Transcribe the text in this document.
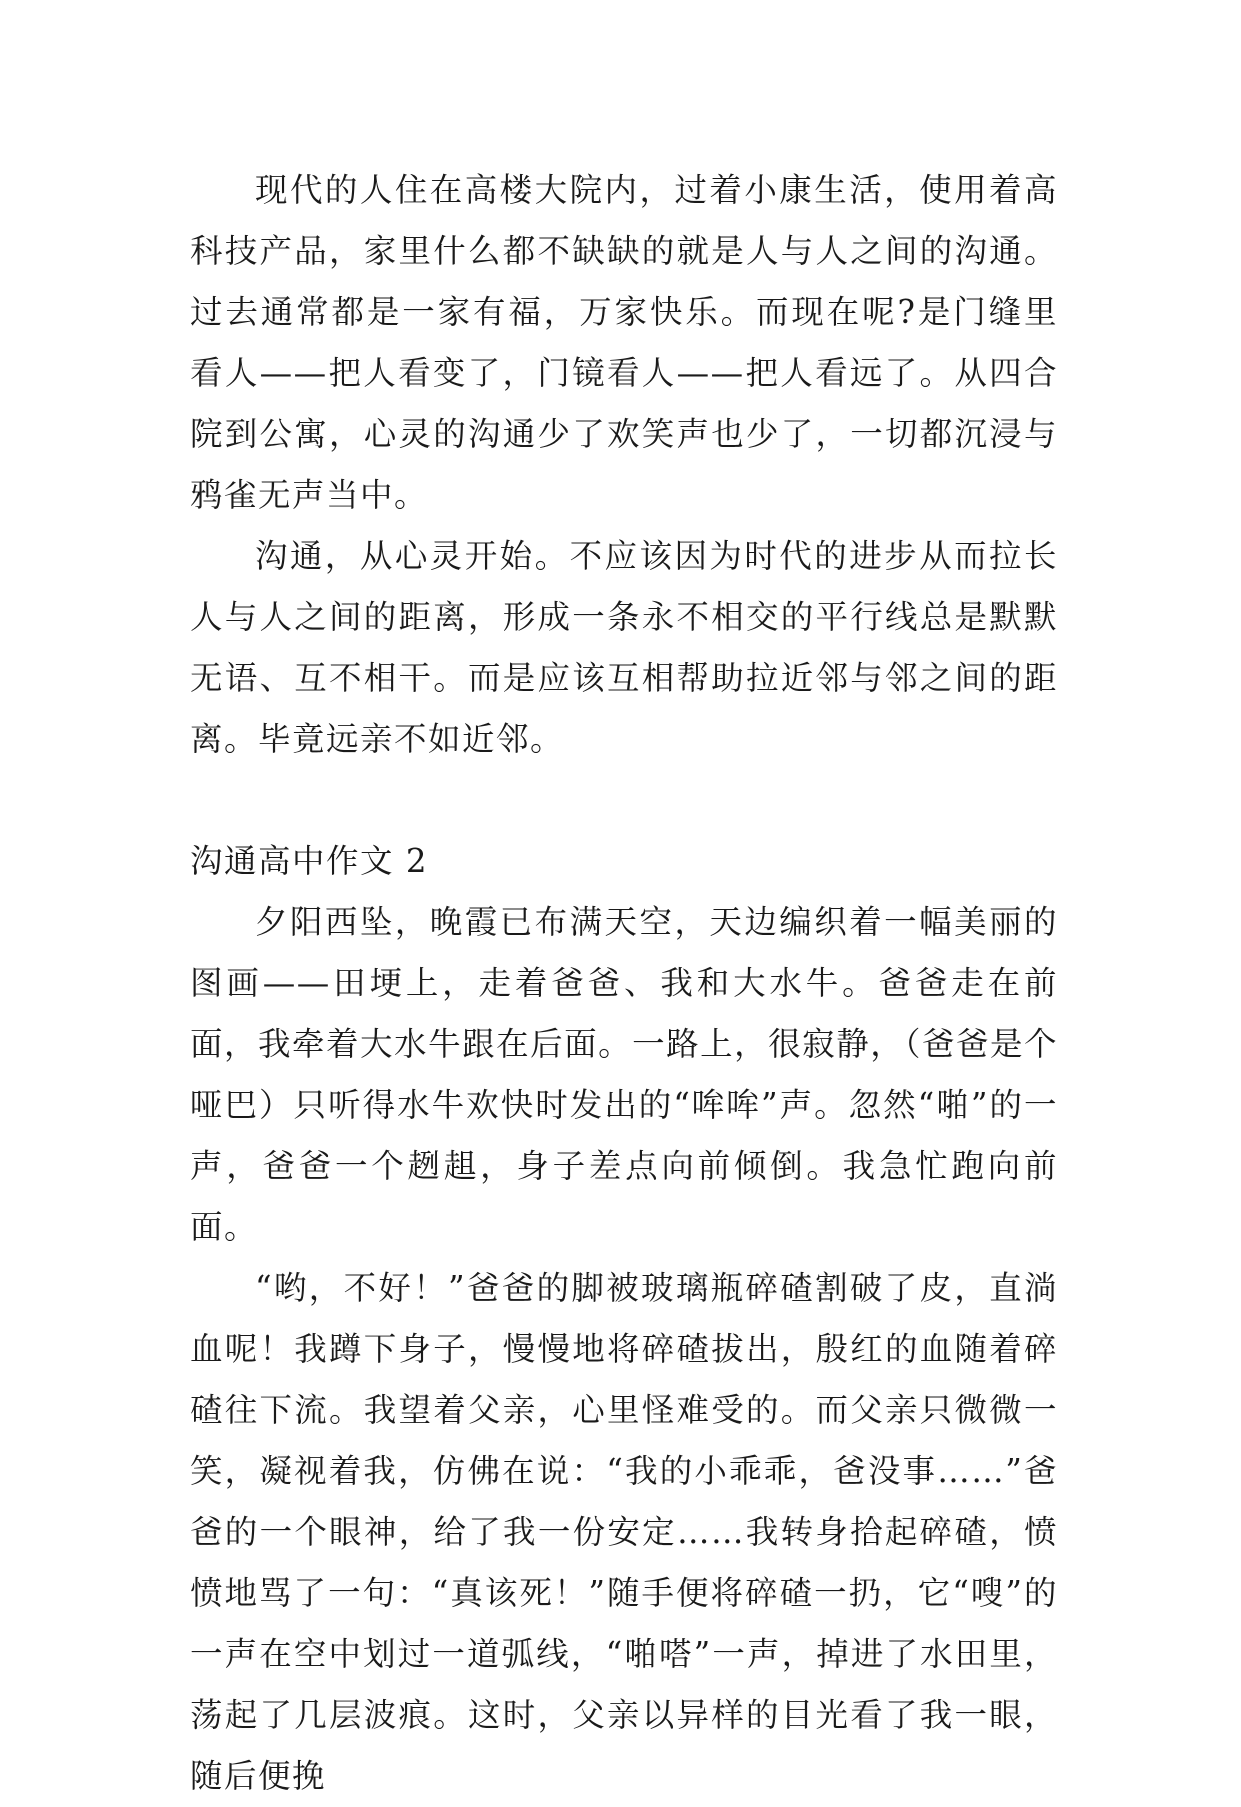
现代的人住在高楼大院内，过着小康生活，使用着高科技产品，家里什么都不缺缺的就是人与人之间的沟通。过去通常都是一家有福，万家快乐。而现在呢?是门缝里看人——把人看变了，门镜看人——把人看远了。从四合院到公寓，心灵的沟通少了欢笑声也少了，一切都沉浸与鸦雀无声当中。

沟通，从心灵开始。不应该因为时代的进步从而拉长人与人之间的距离，形成一条永不相交的平行线总是默默无语、互不相干。而是应该互相帮助拉近邻与邻之间的距离。毕竟远亲不如近邻。

沟通高中作文 2

夕阳西坠，晚霞已布满天空，天边编织着一幅美丽的图画——田埂上，走着爸爸、我和大水牛。爸爸走在前面，我牵着大水牛跟在后面。一路上，很寂静，（爸爸是个哑巴）只听得水牛欢快时发出的“哞哞”声。忽然“啪”的一声，爸爸一个趔趄，身子差点向前倾倒。我急忙跑向前面。

“哟，不好！”爸爸的脚被玻璃瓶碎碴割破了皮，直淌血呢！我蹲下身子，慢慢地将碎碴拔出，殷红的血随着碎碴往下流。我望着父亲，心里怪难受的。而父亲只微微一笑，凝视着我，仿佛在说：“我的小乖乖，爸没事……”爸爸的一个眼神，给了我一份安定……我转身拾起碎碴，愤愤地骂了一句：“真该死！”随手便将碎碴一扔，它“嗖”的一声在空中划过一道弧线，“啪嗒”一声，掉进了水田里，荡起了几层波痕。这时，父亲以异样的目光看了我一眼，随后便挽
